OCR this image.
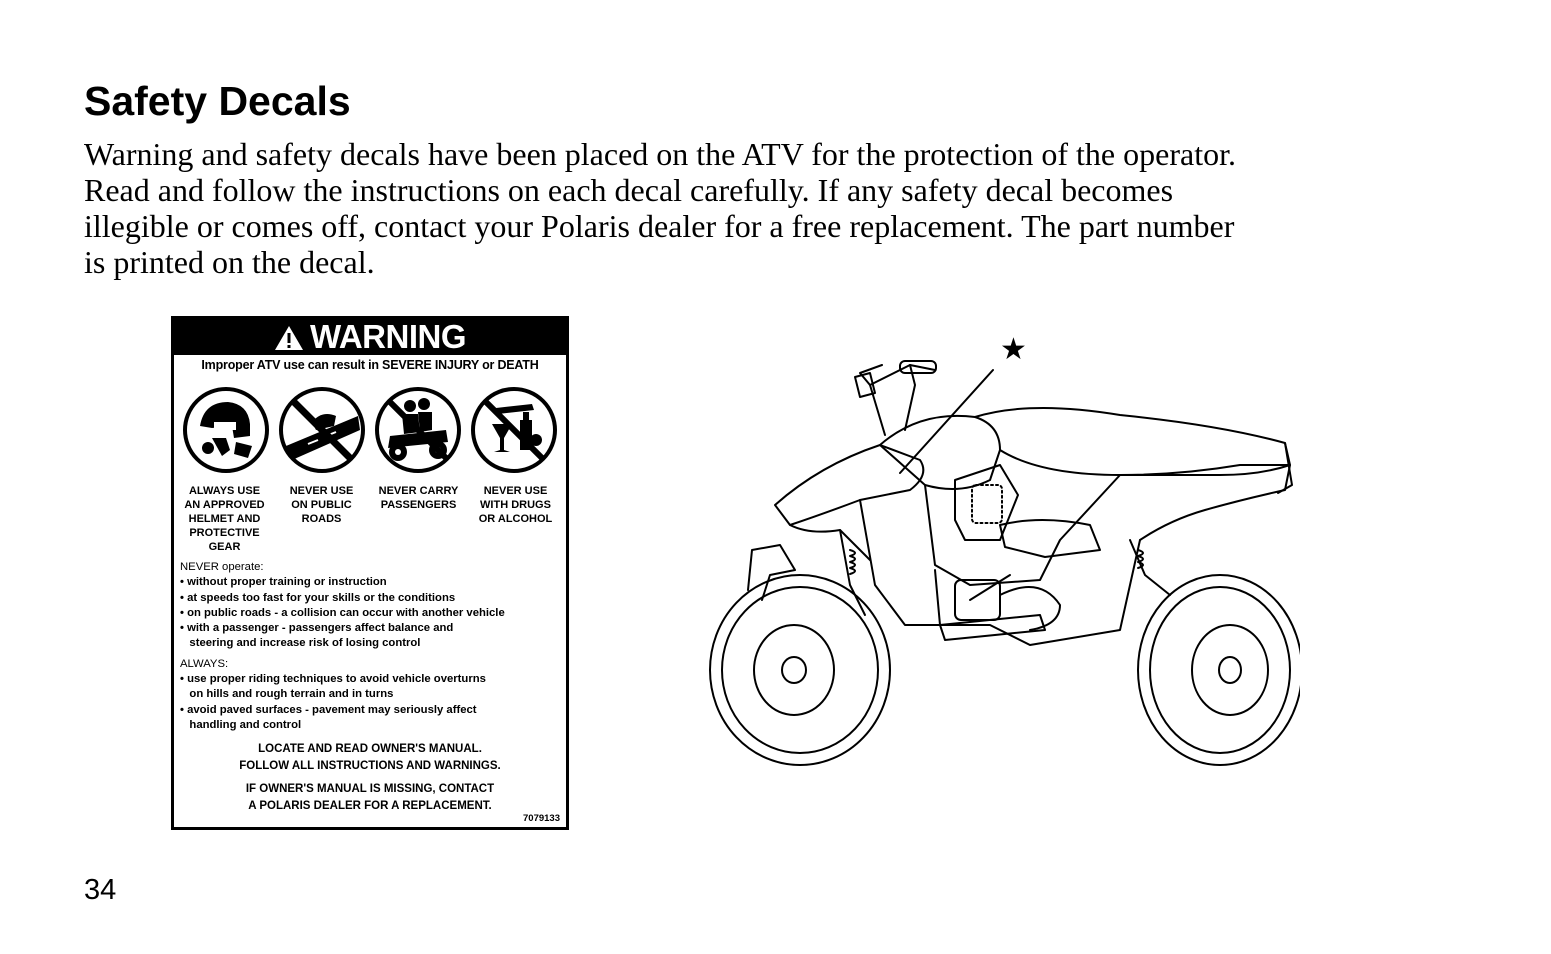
Safety Decals
Warning and safety decals have been placed on the ATV for the protection of the operator.
Read and follow the instructions on each decal carefully. If any safety decal becomes
illegible or comes off, contact your Polaris dealer for a free replacement. The part number
is printed on the decal.
WARNING
Improper ATV use can result in SEVERE INJURY or DEATH
ALWAYS USE
AN APPROVED
HELMET AND
PROTECTIVE
GEAR
NEVER USE
ON PUBLIC
ROADS
NEVER CARRY
PASSENGERS
NEVER USE
WITH DRUGS
OR ALCOHOL
NEVER operate:
• without proper training or instruction
• at speeds too fast for your skills or the conditions
• on public roads - a collision can occur with another vehicle
• with a passenger - passengers affect balance and
steering and increase risk of losing control
ALWAYS:
• use proper riding techniques to avoid vehicle overturns
on hills and rough terrain and in turns
• avoid paved surfaces - pavement may seriously affect
handling and control
LOCATE AND READ OWNER'S MANUAL.
FOLLOW ALL INSTRUCTIONS AND WARNINGS.
IF OWNER'S MANUAL IS MISSING, CONTACT
A POLARIS DEALER FOR A REPLACEMENT.
7079133
★
34
